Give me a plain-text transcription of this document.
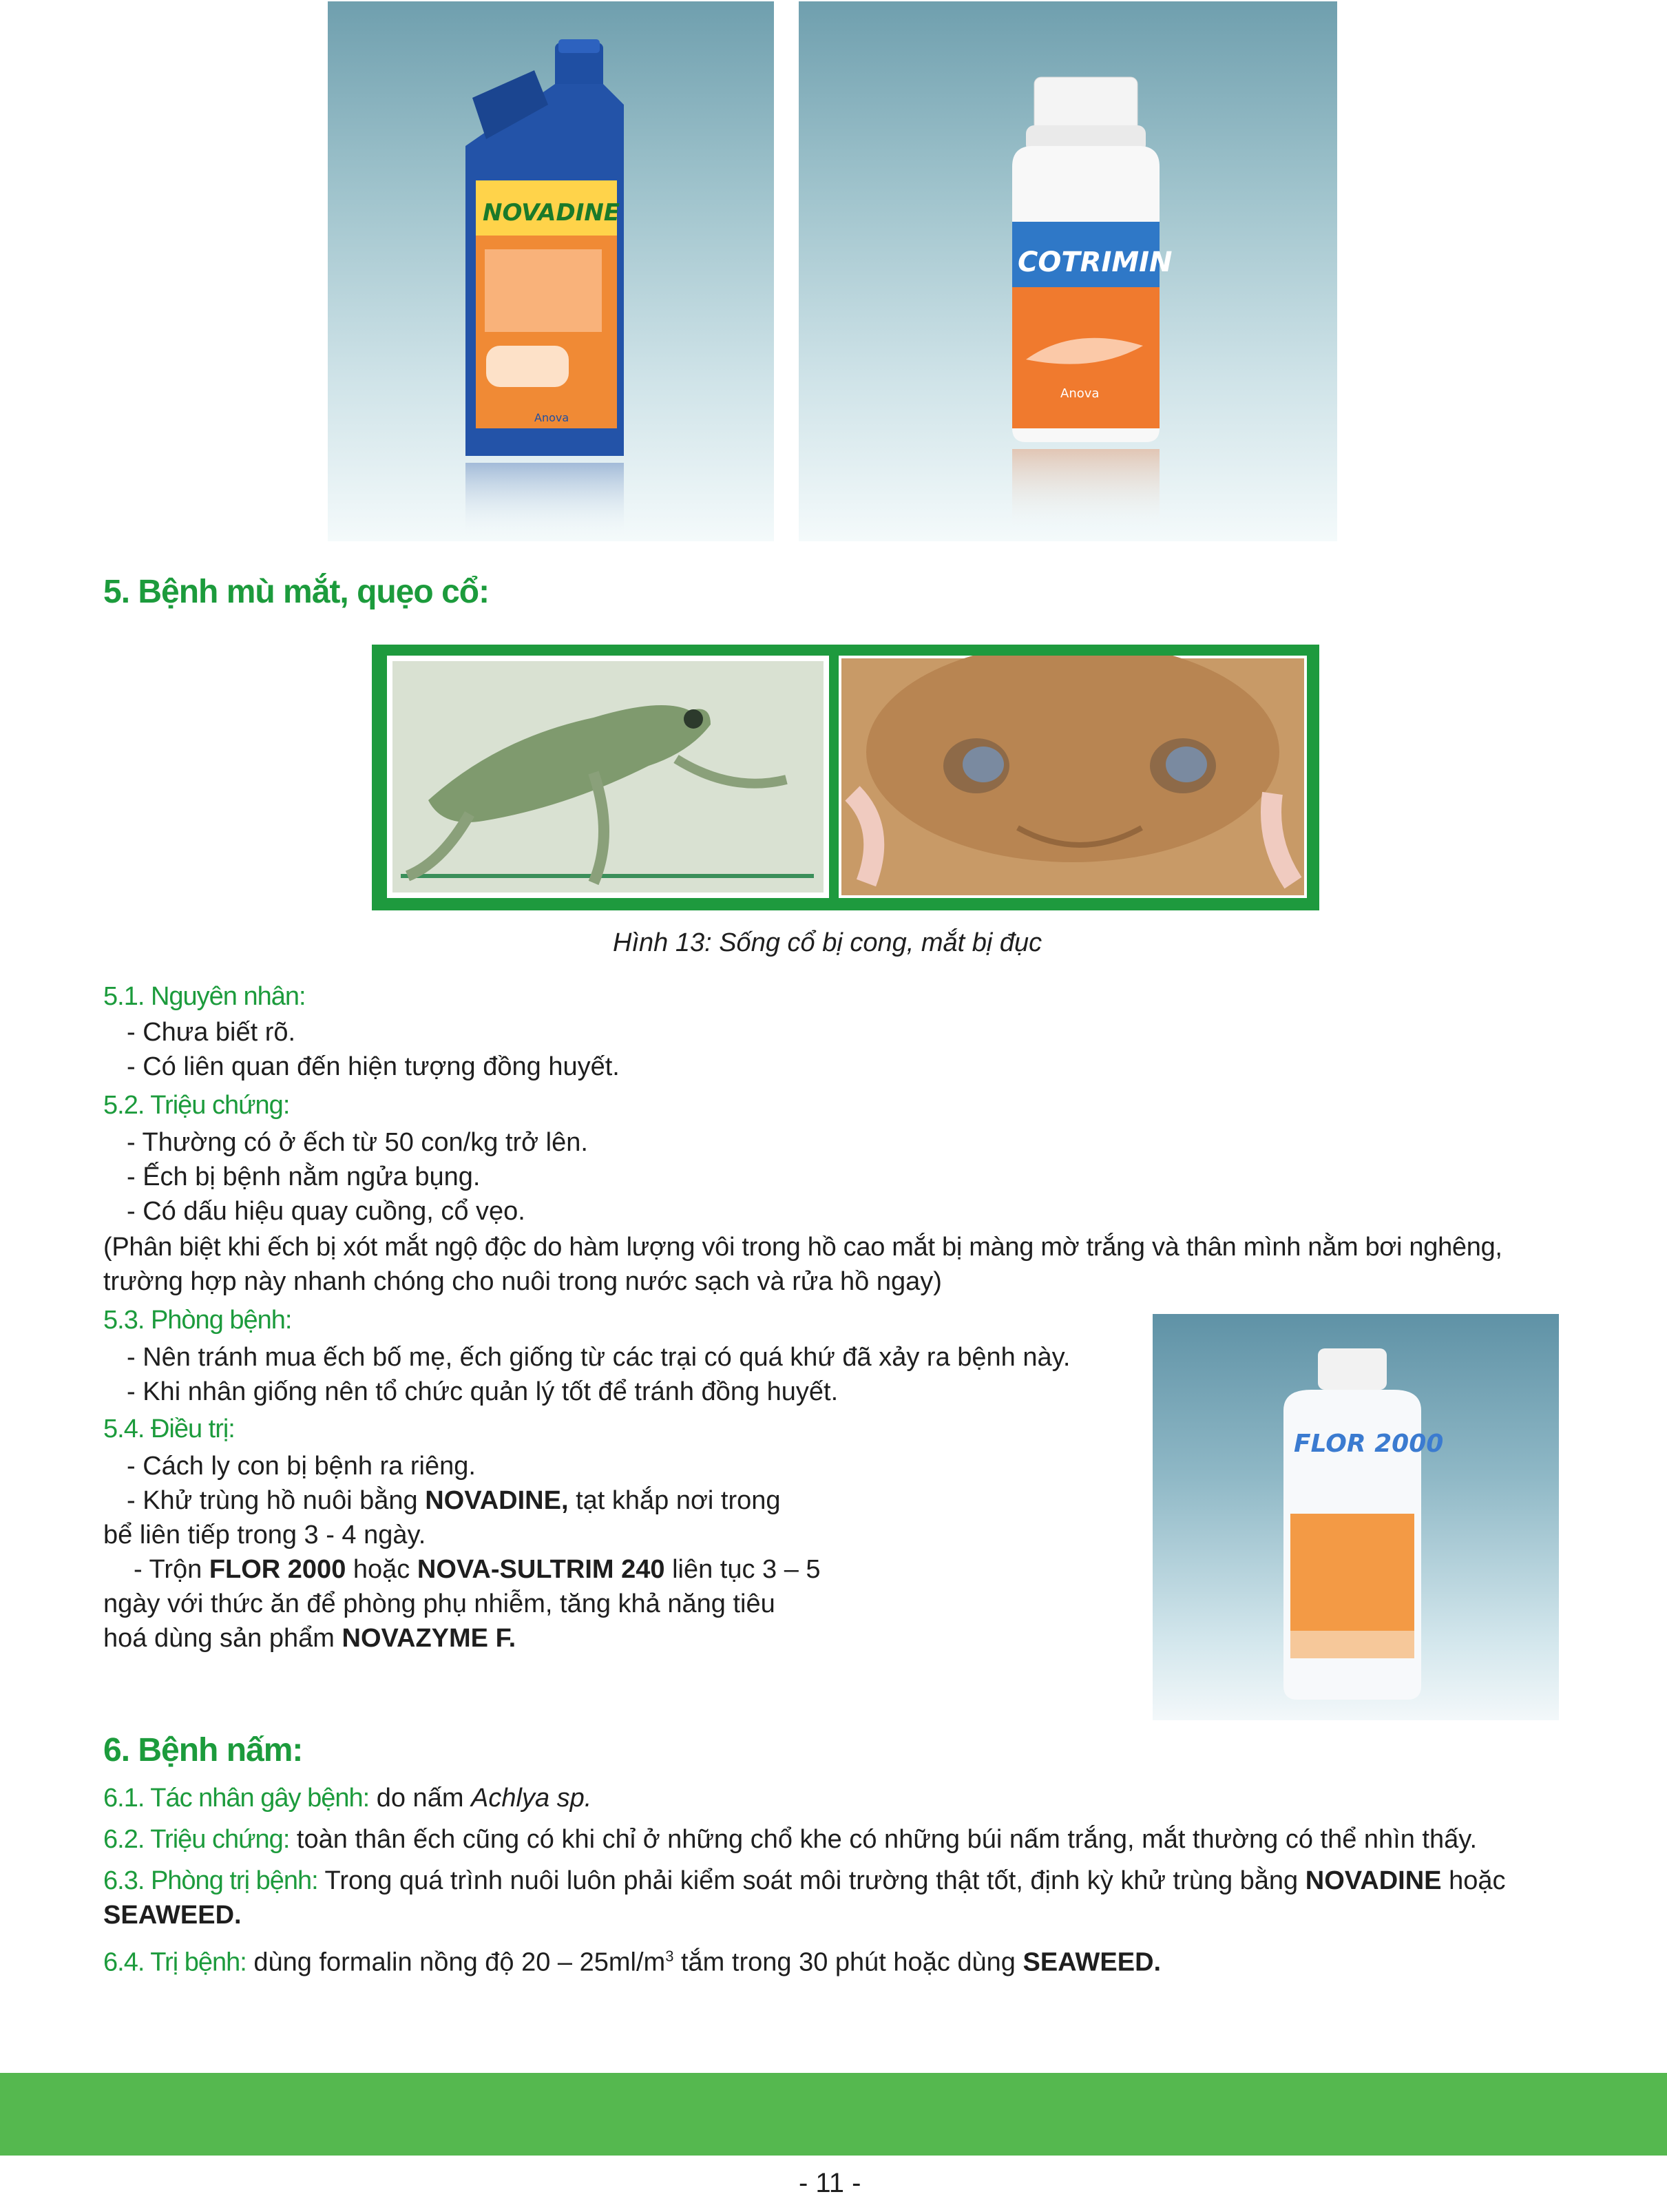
NOVADINE
Anova
COTRIMIN
Anova
5. Bệnh mù mắt, quẹo cổ:
Hình 13: Sống cổ bị cong, mắt bị đục
5.1. Nguyên nhân:
- Chưa biết rõ.
- Có liên quan đến hiện tượng đồng huyết.
5.2. Triệu chứng:
- Thường có ở ếch từ 50 con/kg trở lên.
- Ếch bị bệnh nằm ngửa bụng.
- Có dấu hiệu quay cuồng, cổ vẹo.
(Phân biệt khi ếch bị xót mắt ngộ độc do hàm lượng vôi trong hồ cao mắt bị màng mờ trắng và thân mình nằm bơi nghêng,
trường hợp này nhanh chóng cho nuôi trong nước sạch và rửa hồ ngay)
5.3. Phòng bệnh:
- Nên tránh mua ếch bố mẹ, ếch giống từ các trại có quá khứ đã xảy ra bệnh này.
- Khi nhân giống nên tổ chức quản lý tốt để tránh đồng huyết.
FLOR 2000
5.4. Điều trị:
- Cách ly con bị bệnh ra riêng.
- Khử trùng hồ nuôi bằng NOVADINE, tạt khắp nơi trong
bể liên tiếp trong 3 - 4 ngày.
- Trộn FLOR 2000 hoặc NOVA-SULTRIM 240 liên tục 3 – 5
ngày với thức ăn để phòng phụ nhiễm, tăng khả năng tiêu
hoá dùng sản phẩm NOVAZYME F.
6. Bệnh nấm:
6.1. Tác nhân gây bệnh: do nấm Achlya sp.
6.2. Triệu chứng: toàn thân ếch cũng có khi chỉ ở những chổ khe có những búi nấm trắng, mắt thường có thể nhìn thấy.
6.3. Phòng trị bệnh: Trong quá trình nuôi luôn phải kiểm soát môi trường thật tốt, định kỳ khử trùng bằng NOVADINE hoặc
SEAWEED.
6.4. Trị bệnh: dùng formalin nồng độ $20 - 25ml/m^3$ tắm trong 30 phút hoặc dùng SEAWEED.
- 11 -
